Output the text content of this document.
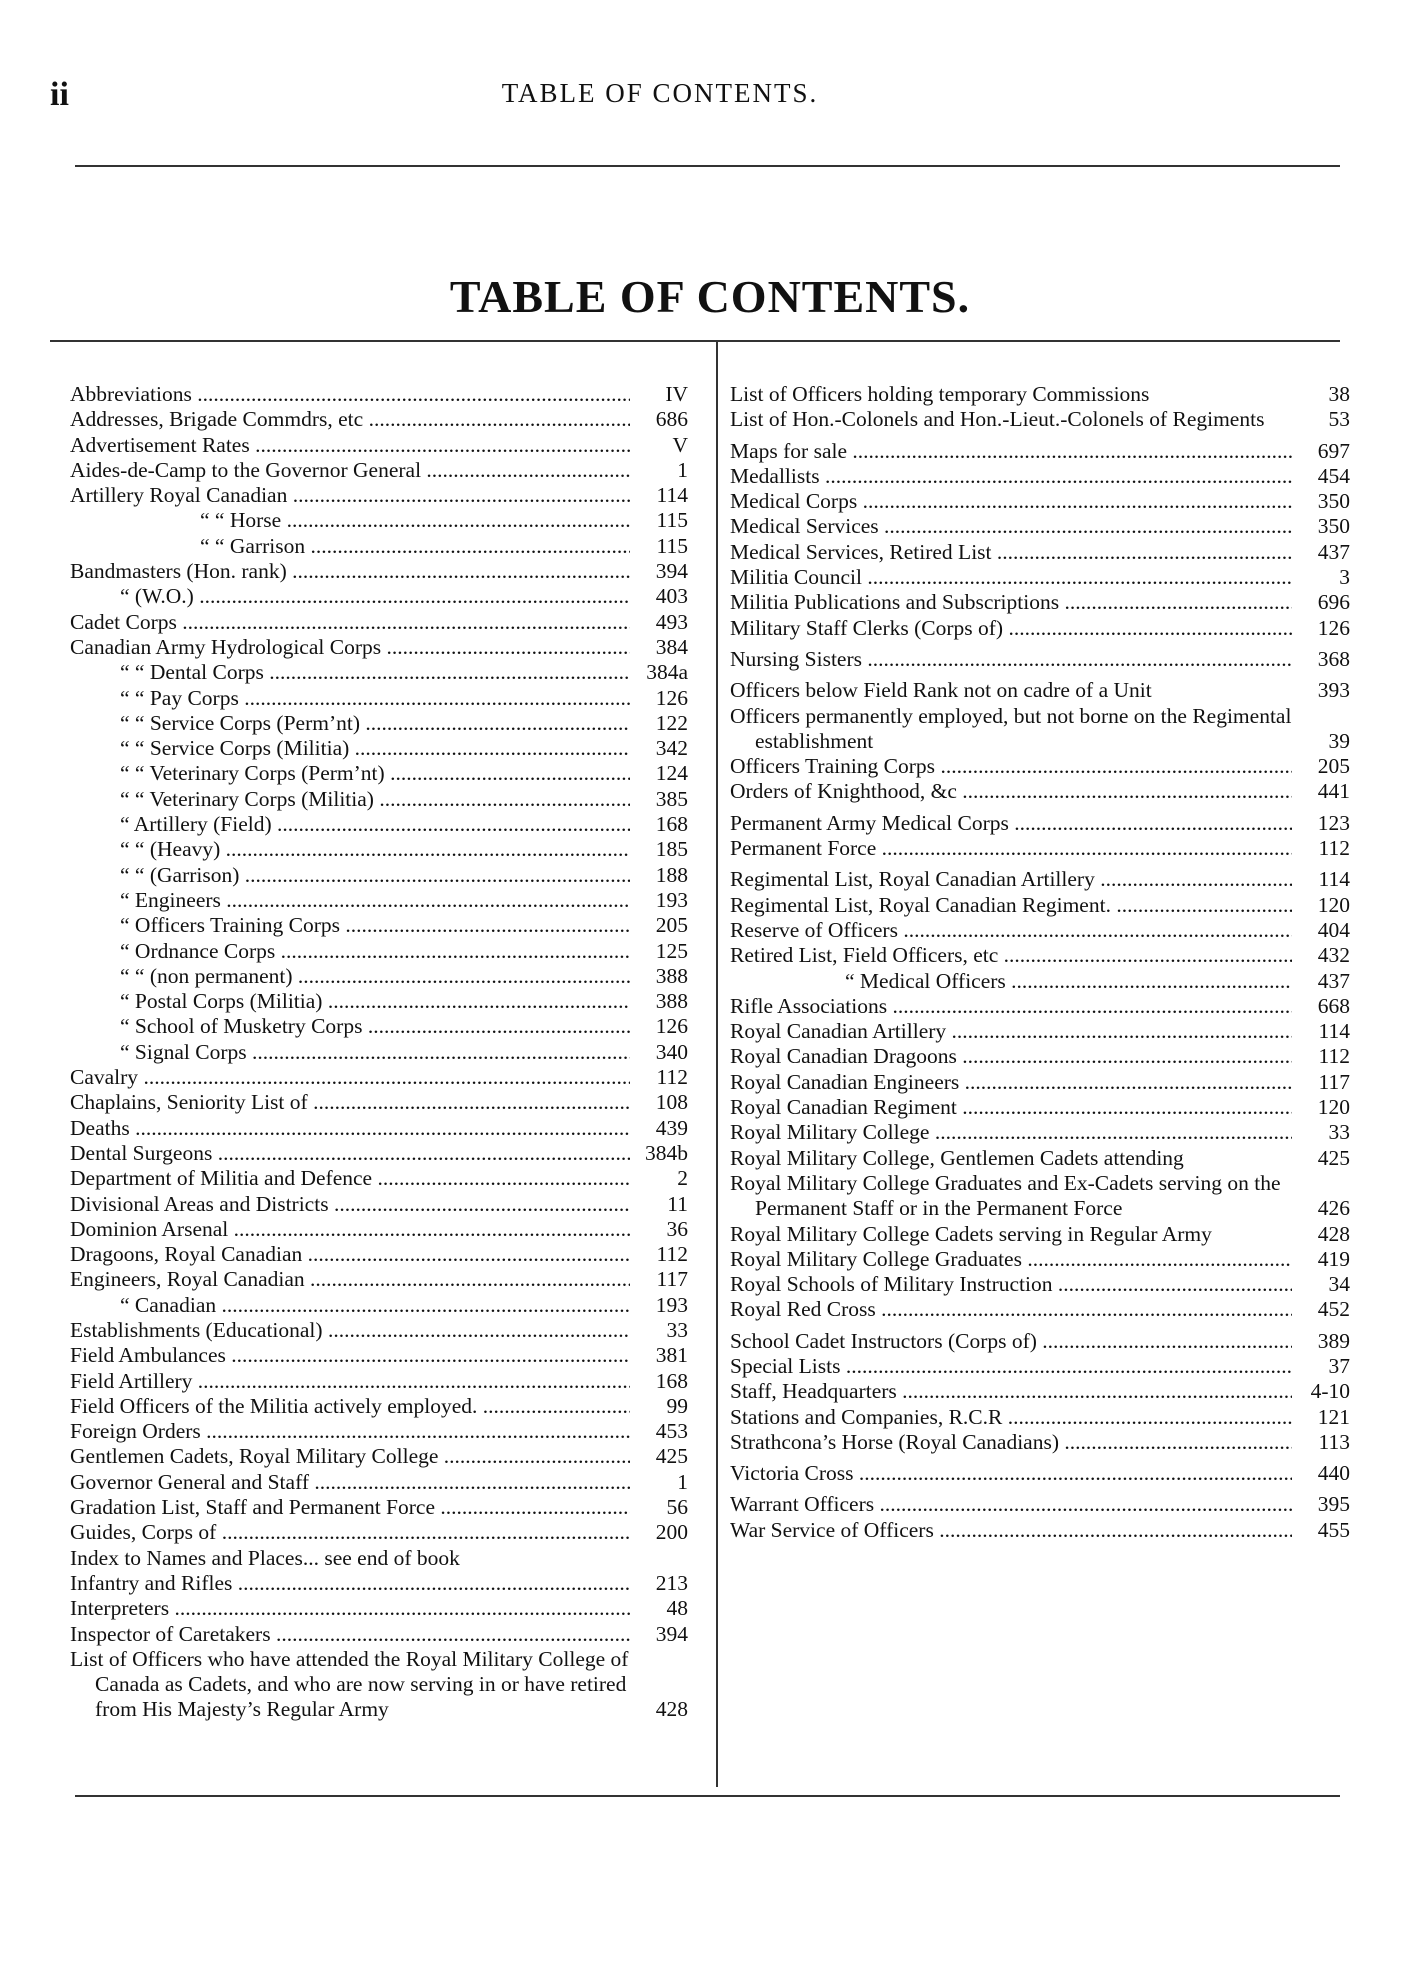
ii	TABLE OF CONTENTS.
TABLE OF CONTENTS.
Abbreviations .....	IV
Addresses, Brigade Commdrs, etc .....	686
Advertisement Rates .....	V
Aides-de-Camp to the Governor General .....	1
Artillery Royal Canadian .....	114
“ “ Horse .....	115
“ “ Garrison .....	115
Bandmasters (Hon. rank) .....	394
“ (W.O.) .....	403
Cadet Corps .....	493
Canadian Army Hydrological Corps .....	384
“ “ Dental Corps .....	384a
“ “ Pay Corps .....	126
“ “ Service Corps (Perm’nt) .....	122
“ “ Service Corps (Militia) .....	342
“ “ Veterinary Corps (Perm’nt) .....	124
“ “ Veterinary Corps (Militia) .....	385
“ Artillery (Field) .....	168
“ “ (Heavy) .....	185
“ “ (Garrison) .....	188
“ Engineers .....	193
“ Officers Training Corps .....	205
“ Ordnance Corps .....	125
“ “ (non permanent) .....	388
“ Postal Corps (Militia) .....	388
“ School of Musketry Corps .....	126
“ Signal Corps .....	340
Cavalry .....	112
Chaplains, Seniority List of .....	108
Deaths .....	439
Dental Surgeons .....	384b
Department of Militia and Defence .....	2
Divisional Areas and Districts .....	11
Dominion Arsenal .....	36
Dragoons, Royal Canadian .....	112
Engineers, Royal Canadian .....	117
“ Canadian .....	193
Establishments (Educational) .....	33
Field Ambulances .....	381
Field Artillery .....	168
Field Officers of the Militia actively employed. .....	99
Foreign Orders .....	453
Gentlemen Cadets, Royal Military College .....	425
Governor General and Staff .....	1
Gradation List, Staff and Permanent Force .....	56
Guides, Corps of .....	200
Index to Names and Places... see end of book
Infantry and Rifles .....	213
Interpreters .....	48
Inspector of Caretakers .....	394
List of Officers who have attended the Royal Military College of Canada as Cadets, and who are now serving in or have retired from His Majesty’s Regular Army	428
List of Officers holding temporary Commissions	38
List of Hon.-Colonels and Hon.-Lieut.-Colonels of Regiments	53
Maps for sale .....	697
Medallists .....	454
Medical Corps .....	350
Medical Services .....	350
Medical Services, Retired List .....	437
Militia Council .....	3
Militia Publications and Subscriptions .....	696
Military Staff Clerks (Corps of) .....	126
Nursing Sisters .....	368
Officers below Field Rank not on cadre of a Unit	393
Officers permanently employed, but not borne on the Regimental establishment	39
Officers Training Corps .....	205
Orders of Knighthood, &c .....	441
Permanent Army Medical Corps .....	123
Permanent Force .....	112
Regimental List, Royal Canadian Artillery .....	114
Regimental List, Royal Canadian Regiment. .....	120
Reserve of Officers .....	404
Retired List, Field Officers, etc .....	432
“ Medical Officers .....	437
Rifle Associations .....	668
Royal Canadian Artillery .....	114
Royal Canadian Dragoons .....	112
Royal Canadian Engineers .....	117
Royal Canadian Regiment .....	120
Royal Military College .....	33
Royal Military College, Gentlemen Cadets attending	425
Royal Military College Graduates and Ex-Cadets serving on the Permanent Staff or in the Permanent Force	426
Royal Military College Cadets serving in Regular Army	428
Royal Military College Graduates .....	419
Royal Schools of Military Instruction .....	34
Royal Red Cross .....	452
School Cadet Instructors (Corps of) .....	389
Special Lists .....	37
Staff, Headquarters .....	4-10
Stations and Companies, R.C.R .....	121
Strathcona’s Horse (Royal Canadians) .....	113
Victoria Cross .....	440
Warrant Officers .....	395
War Service of Officers .....	455
